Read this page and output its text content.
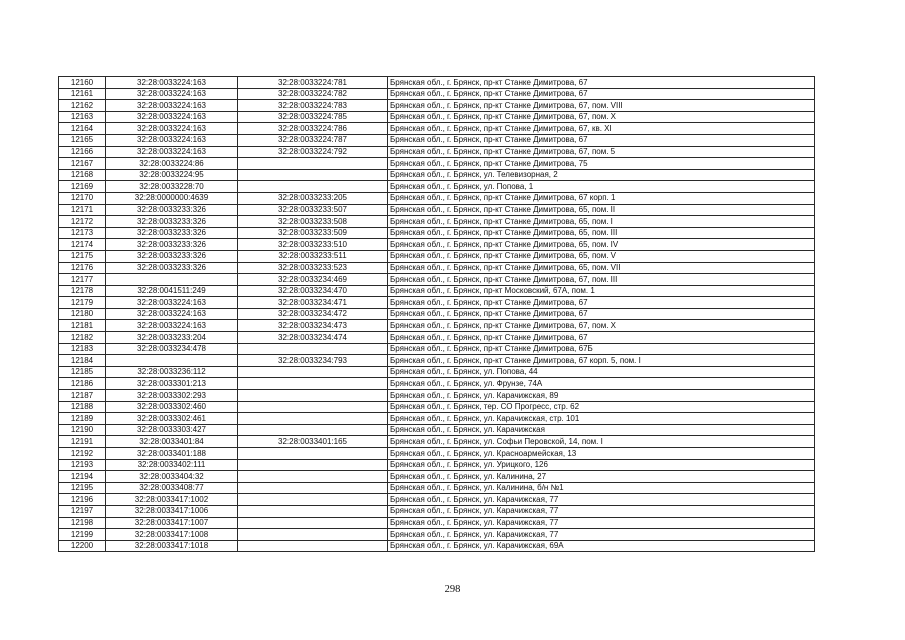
12160	32:28:0033224:163	32:28:0033224:781	Брянская обл., г. Брянск, пр-кт Станке Димитрова, 67
12161	32:28:0033224:163	32:28:0033224:782	Брянская обл., г. Брянск, пр-кт Станке Димитрова, 67
12162	32:28:0033224:163	32:28:0033224:783	Брянская обл., г. Брянск, пр-кт Станке Димитрова, 67, пом. VIII
12163	32:28:0033224:163	32:28:0033224:785	Брянская обл., г. Брянск, пр-кт Станке Димитрова, 67, пом. X
12164	32:28:0033224:163	32:28:0033224:786	Брянская обл., г. Брянск, пр-кт Станке Димитрова, 67, кв. XI
12165	32:28:0033224:163	32:28:0033224:787	Брянская обл., г. Брянск, пр-кт Станке Димитрова, 67
12166	32:28:0033224:163	32:28:0033224:792	Брянская обл., г. Брянск, пр-кт Станке Димитрова, 67, пом. 5
12167	32:28:0033224:86		Брянская обл., г. Брянск, пр-кт Станке Димитрова, 75
12168	32:28:0033224:95		Брянская обл., г. Брянск, ул. Телевизорная, 2
12169	32:28:0033228:70		Брянская обл., г. Брянск, ул. Попова, 1
12170	32:28:0000000:4639	32:28:0033233:205	Брянская обл., г. Брянск, пр-кт Станке Димитрова, 67 корп. 1
12171	32:28:0033233:326	32:28:0033233:507	Брянская обл., г. Брянск, пр-кт Станке Димитрова, 65, пом. II
12172	32:28:0033233:326	32:28:0033233:508	Брянская обл., г. Брянск, пр-кт Станке Димитрова, 65, пом. I
12173	32:28:0033233:326	32:28:0033233:509	Брянская обл., г. Брянск, пр-кт Станке Димитрова, 65, пом. III
12174	32:28:0033233:326	32:28:0033233:510	Брянская обл., г. Брянск, пр-кт Станке Димитрова, 65, пом. IV
12175	32:28:0033233:326	32:28:0033233:511	Брянская обл., г. Брянск, пр-кт Станке Димитрова, 65, пом. V
12176	32:28:0033233:326	32:28:0033233:523	Брянская обл., г. Брянск, пр-кт Станке Димитрова, 65, пом. VII
12177		32:28:0033234:469	Брянская обл., г. Брянск, пр-кт Станке Димитрова, 67, пом. III
12178	32:28:0041511:249	32:28:0033234:470	Брянская обл., г. Брянск, пр-кт Московский, 67А, пом. 1
12179	32:28:0033224:163	32:28:0033234:471	Брянская обл., г. Брянск, пр-кт Станке Димитрова, 67
12180	32:28:0033224:163	32:28:0033234:472	Брянская обл., г. Брянск, пр-кт Станке Димитрова, 67
12181	32:28:0033224:163	32:28:0033234:473	Брянская обл., г. Брянск, пр-кт Станке Димитрова, 67, пом. X
12182	32:28:0033233:204	32:28:0033234:474	Брянская обл., г. Брянск, пр-кт Станке Димитрова, 67
12183	32:28:0033234:478		Брянская обл., г. Брянск, пр-кт Станке Димитрова, 67Б
12184		32:28:0033234:793	Брянская обл., г. Брянск, пр-кт Станке Димитрова, 67 корп. 5, пом. I
12185	32:28:0033236:112		Брянская обл., г. Брянск, ул. Попова, 44
12186	32:28:0033301:213		Брянская обл., г. Брянск, ул. Фрунзе, 74А
12187	32:28:0033302:293		Брянская обл., г. Брянск, ул. Карачижская, 89
12188	32:28:0033302:460		Брянская обл., г. Брянск, тер. СО Прогресс, стр. 62
12189	32:28:0033302:461		Брянская обл., г. Брянск, ул. Карачижская, стр. 101
12190	32:28:0033303:427		Брянская обл., г. Брянск, ул. Карачижская
12191	32:28:0033401:84	32:28:0033401:165	Брянская обл., г. Брянск, ул. Софьи Перовской, 14, пом. I
12192	32:28:0033401:188		Брянская обл., г. Брянск, ул. Красноармейская, 13
12193	32:28:0033402:111		Брянская обл., г. Брянск, ул. Урицкого, 126
12194	32:28:0033404:32		Брянская обл., г. Брянск, ул. Калинина, 27
12195	32:28:0033408:77		Брянская обл., г. Брянск, ул. Калинина, б/н №1
12196	32:28:0033417:1002		Брянская обл., г. Брянск, ул. Карачижская, 77
12197	32:28:0033417:1006		Брянская обл., г. Брянск, ул. Карачижская, 77
12198	32:28:0033417:1007		Брянская обл., г. Брянск, ул. Карачижская, 77
12199	32:28:0033417:1008		Брянская обл., г. Брянск, ул. Карачижская, 77
12200	32:28:0033417:1018		Брянская обл., г. Брянск, ул. Карачижская, 69А
298
